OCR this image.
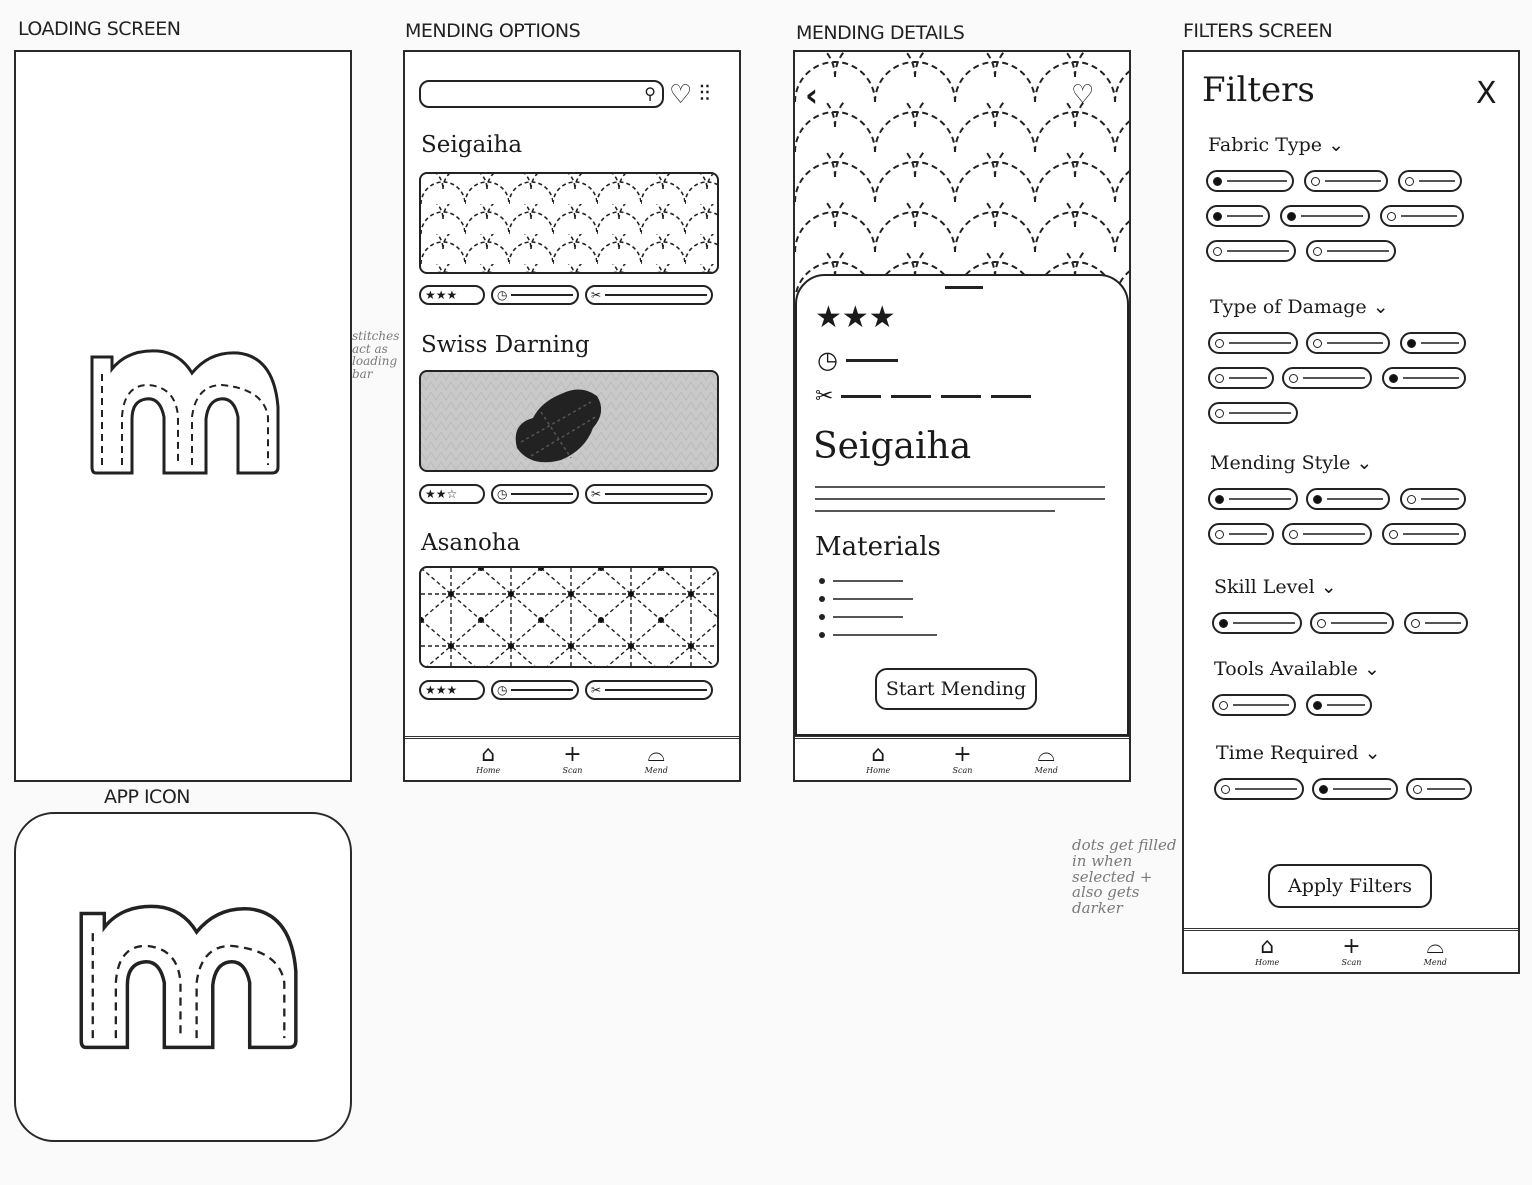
LOADING SCREEN
stitches act as loading bar
APP ICON
MENDING OPTIONS
⚲ ♡ ⫶⫶
Seigaiha
★★★	◷	✂
Swiss Darning
★★☆	◷	✂
Asanoha
★★★	◷	✂
⌂
Home
+
Scan
⌓
Mend
MENDING DETAILS
‹	♡
★★★
◷
✂
Seigaiha
Materials
Start Mending
⌂
Home
+
Scan
⌓
Mend
FILTERS SCREEN
Filters	X
Fabric Type ⌄
Type of Damage ⌄
Mending Style ⌄
Skill Level ⌄
Tools Available ⌄
Time Required ⌄
Apply Filters
⌂
Home
+
Scan
⌓
Mend
dots get filled in when selected + also gets darker
